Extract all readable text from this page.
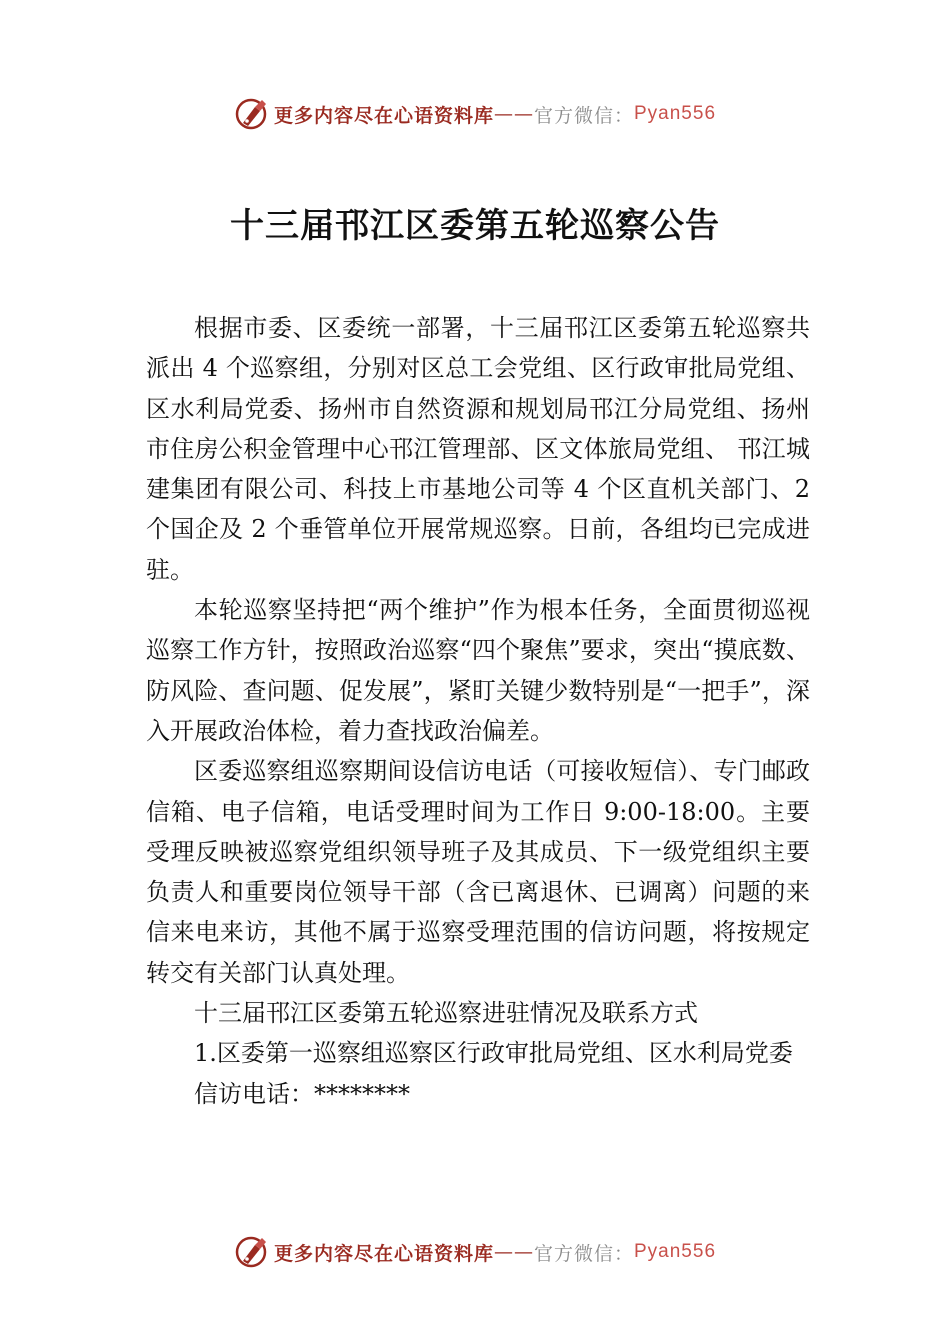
更多内容尽在心语资料库 —— 官方微信： Pyan556
十三届邗江区委第五轮巡察公告

根据市委、区委统一部署，十三届邗江区委第五轮巡察共派出 4 个巡察组，分别对区总工会党组、区行政审批局党组、区水利局党委、扬州市自然资源和规划局邗江分局党组、扬州市住房公积金管理中心邗江管理部、区文体旅局党组、 邗江城建集团有限公司、科技上市基地公司等 4 个区直机关部门、2 个国企及 2 个垂管单位开展常规巡察。日前，各组均已完成进驻。

本轮巡察坚持把“两个维护”作为根本任务，全面贯彻巡视巡察工作方针，按照政治巡察“四个聚焦”要求，突出“摸底数、防风险、查问题、促发展”，紧盯关键少数特别是“一把手”，深入开展政治体检，着力查找政治偏差。

区委巡察组巡察期间设信访电话（可接收短信）、专门邮政信箱、电子信箱，电话受理时间为工作日 9:00-18:00。主要受理反映被巡察党组织领导班子及其成员、下一级党组织主要负责人和重要岗位领导干部（含已离退休、已调离）问题的来信来电来访，其他不属于巡察受理范围的信访问题，将按规定转交有关部门认真处理。

十三届邗江区委第五轮巡察进驻情况及联系方式

1.区委第一巡察组巡察区行政审批局党组、区水利局党委

信访电话：********

更多内容尽在心语资料库 —— 官方微信： Pyan556
